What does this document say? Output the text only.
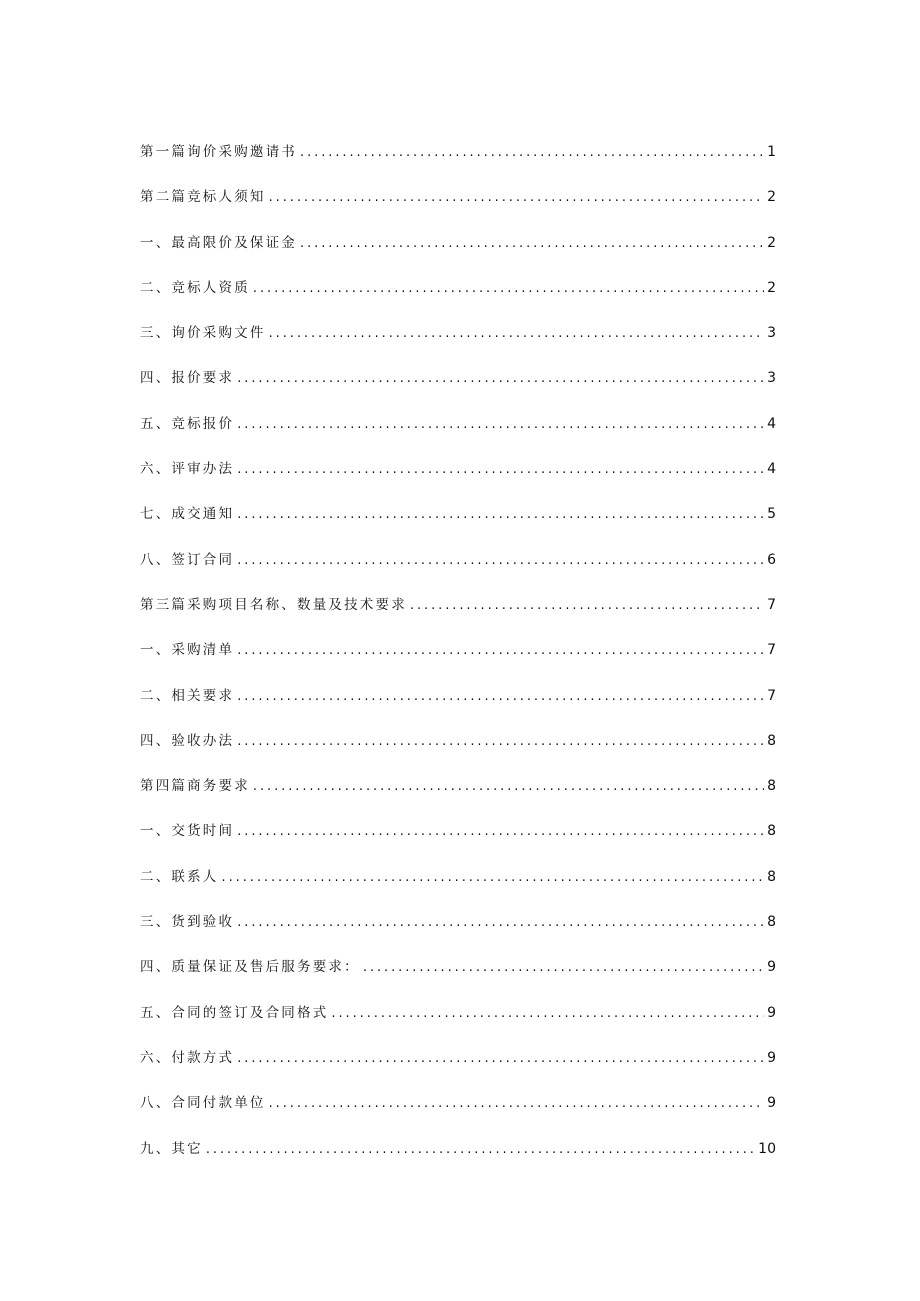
第一篇询价采购邀请书 . . .	1
第二篇竞标人须知 . . .	2
一、最高限价及保证金 . . .	2
二、竞标人资质 . . .	2
三、询价采购文件 . . .	3
四、报价要求 . . .	3
五、竞标报价 . . .	4
六、评审办法 . . .	4
七、成交通知 . . .	5
八、签订合同 . . .	6
第三篇采购项目名称、数量及技术要求 . . .	7
一、采购清单 . . .	7
二、相关要求 . . .	7
四、验收办法 . . .	8
第四篇商务要求 . . .	8
一、交货时间 . . .	8
二、联系人 . . .	8
三、货到验收 . . .	8
四、质量保证及售后服务要求： . . .	9
五、合同的签订及合同格式 . . .	9
六、付款方式 . . .	9
八、合同付款单位 . . .	9
九、其它 . . .	10
